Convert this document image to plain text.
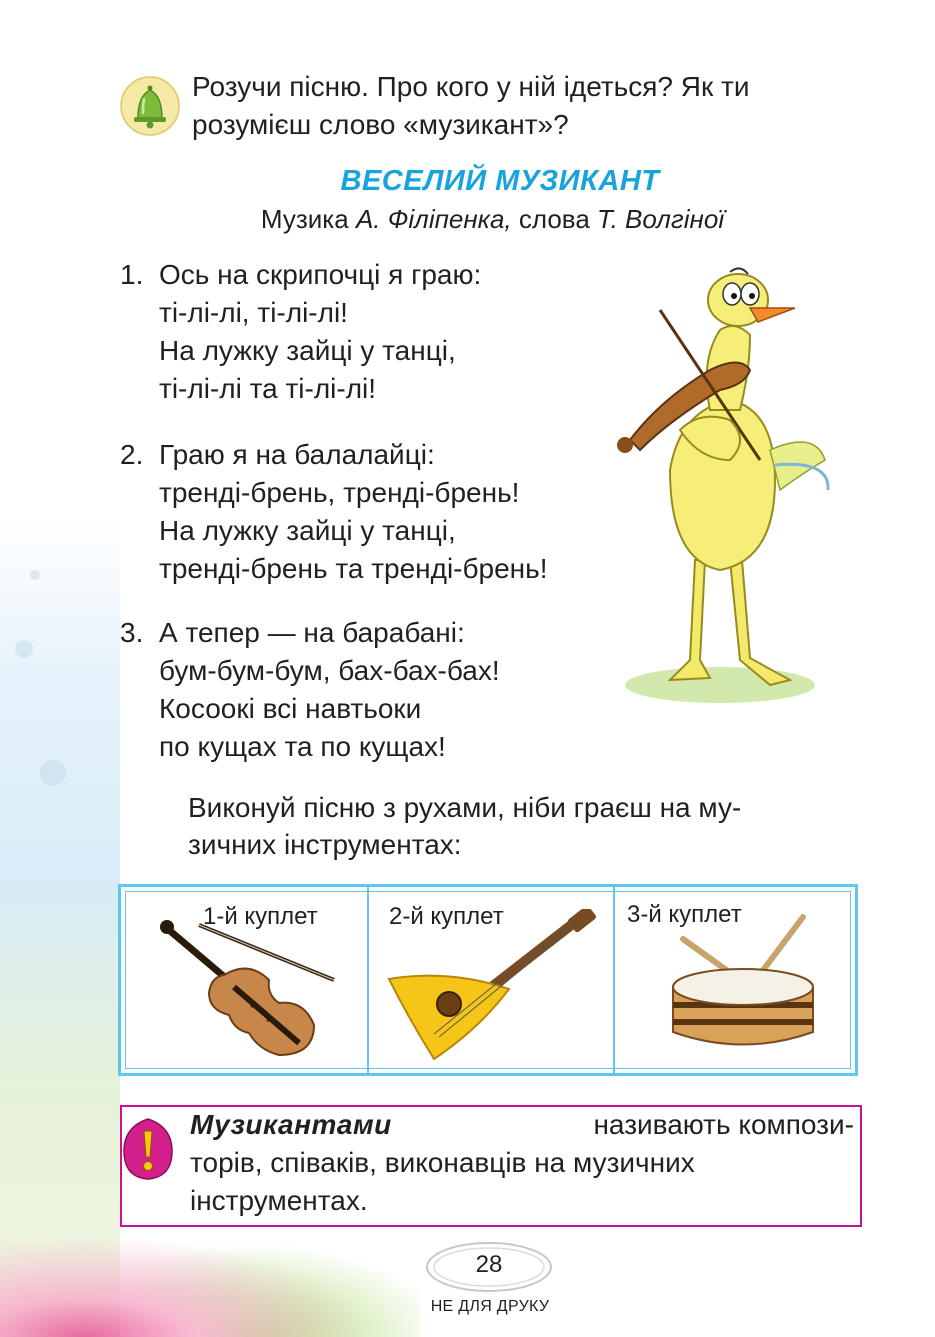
Розучи пісню. Про кого у ній ідеться? Як ти
розумієш слово «музикант»?
ВЕСЕЛИЙ МУЗИКАНТ
Музика А. Філіпенка, слова Т. Волгіної
1. Ось на скрипочці я граю:
ті-лі-лі, ті-лі-лі!
На лужку зайці у танці,
ті-лі-лі та ті-лі-лі!
2. Граю я на балалайці:
тренді-брень, тренді-брень!
На лужку зайці у танці,
тренді-брень та тренді-брень!
3. А тепер — на барабані:
бум-бум-бум, бах-бах-бах!
Косоокі всі навтьоки
по кущах та по кущах!
Виконуй пісню з рухами, ніби граєш на му-
зичних інструментах:
1-й куплет	2-й куплет	3-й куплет
Музикантами	називають компози-
торів, співаків, виконавців на музичних
інструментах.
28
НЕ ДЛЯ ДРУКУ
